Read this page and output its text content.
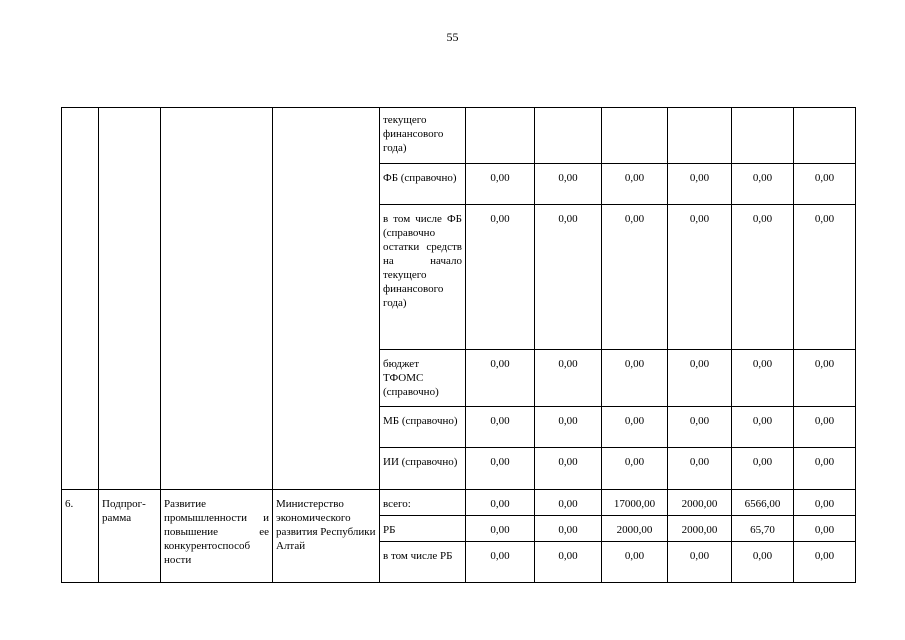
55
				текущего финансового года)						
				ФБ (справочно)	0,00	0,00	0,00	0,00	0,00	0,00
				в том числе ФБ (справочно остатки средств на начало текущего финансового года)	0,00	0,00	0,00	0,00	0,00	0,00
				бюджет ТФОМС (справочно)	0,00	0,00	0,00	0,00	0,00	0,00
				МБ (справочно)	0,00	0,00	0,00	0,00	0,00	0,00
				ИИ (справочно)	0,00	0,00	0,00	0,00	0,00	0,00
6.	Подпрог-рамма	Развитие промышленности и повышение ее конкурентоспособ ности	Министерство экономического развития Республики Алтай	всего:	0,00	0,00	17000,00	2000,00	6566,00	0,00
				РБ	0,00	0,00	2000,00	2000,00	65,70	0,00
				в том числе РБ	0,00	0,00	0,00	0,00	0,00	0,00
